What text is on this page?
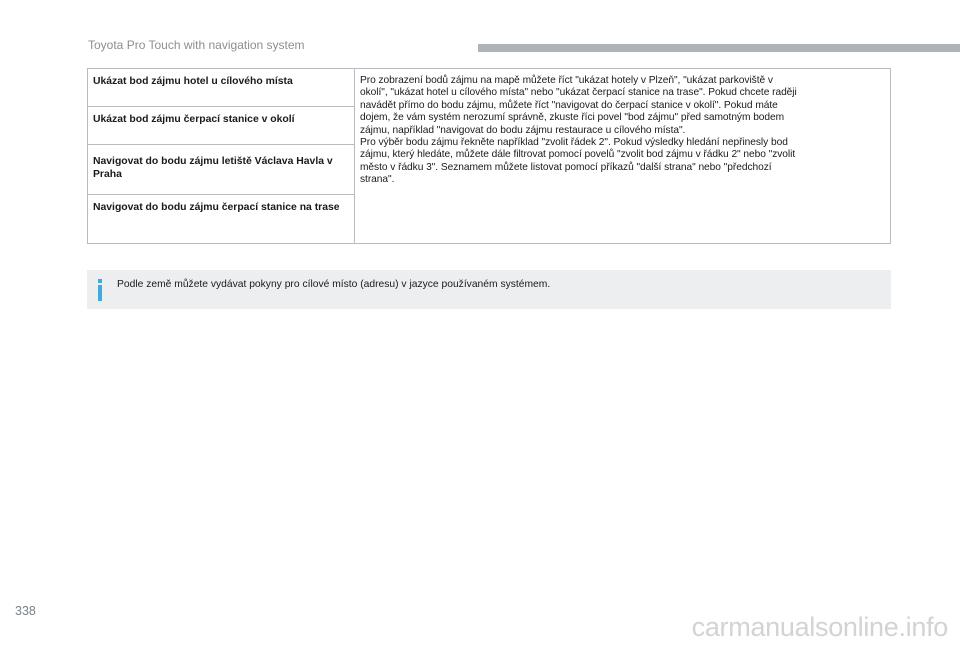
Toyota Pro Touch with navigation system
Ukázat bod zájmu hotel u cílového místa
Ukázat bod zájmu čerpací stanice v okolí
Navigovat do bodu zájmu letiště Václava Havla v Praha
Navigovat do bodu zájmu čerpací stanice na trase
Pro zobrazení bodů zájmu na mapě můžete říct "ukázat hotely v Plzeň", "ukázat parkoviště v
okolí", "ukázat hotel u cílového místa" nebo "ukázat čerpací stanice na trase". Pokud chcete raději
navádět přímo do bodu zájmu, můžete říct "navigovat do čerpací stanice v okolí". Pokud máte
dojem, že vám systém nerozumí správně, zkuste říci povel "bod zájmu" před samotným bodem
zájmu, například "navigovat do bodu zájmu restaurace u cílového místa".
Pro výběr bodu zájmu řekněte například "zvolit řádek 2". Pokud výsledky hledání nepřinesly bod
zájmu, který hledáte, můžete dále filtrovat pomocí povelů "zvolit bod zájmu v řádku 2" nebo "zvolit
město v řádku 3". Seznamem můžete listovat pomocí příkazů "další strana" nebo "předchozí
strana".
Podle země můžete vydávat pokyny pro cílové místo (adresu) v jazyce používaném systémem.
338
carmanualsonline.info
